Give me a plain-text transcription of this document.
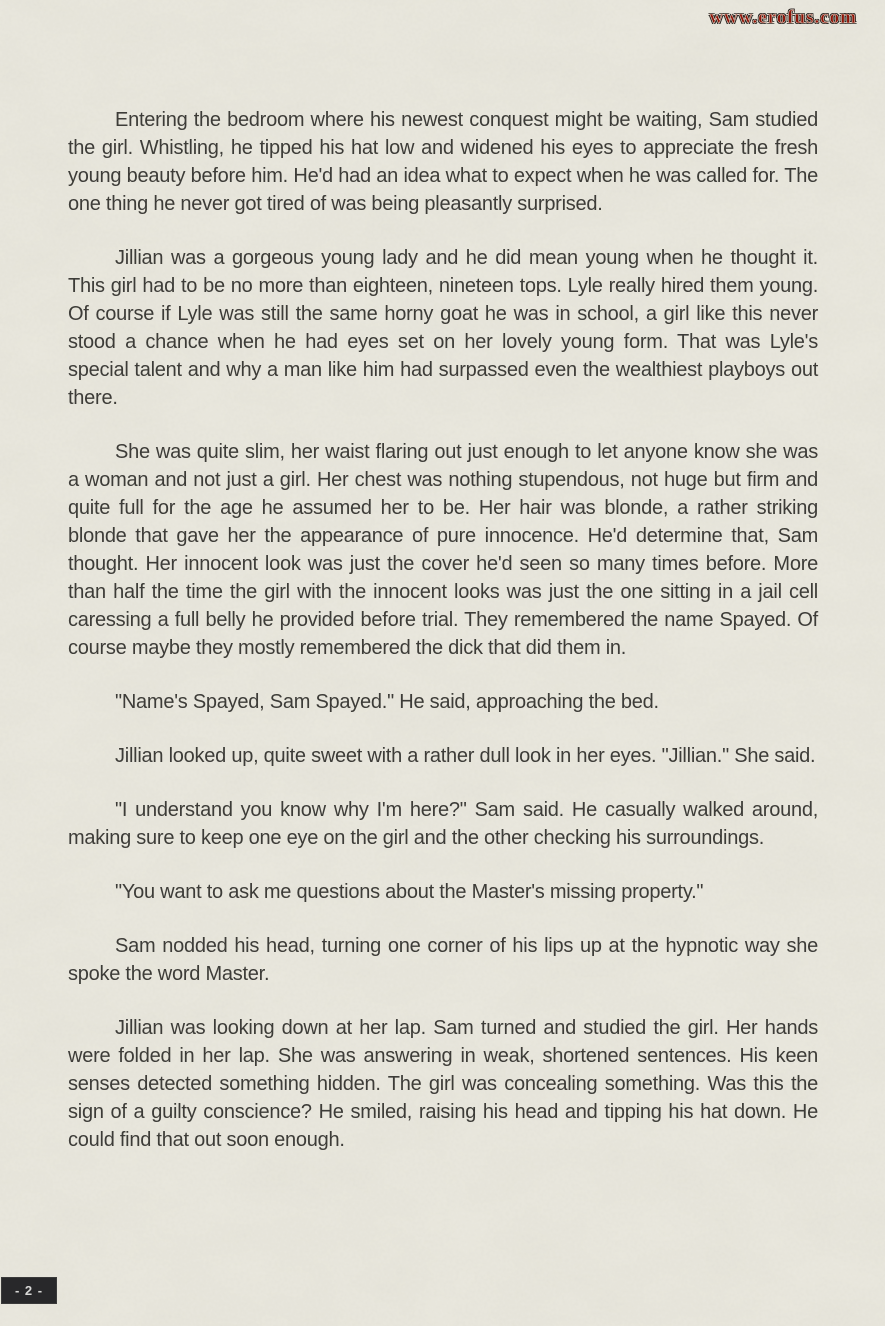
www.erofus.com

Entering the bedroom where his newest conquest might be waiting, Sam studied the girl. Whistling, he tipped his hat low and widened his eyes to appreciate the fresh young beauty before him. He'd had an idea what to expect when he was called for. The one thing he never got tired of was being pleasantly surprised.

Jillian was a gorgeous young lady and he did mean young when he thought it. This girl had to be no more than eighteen, nineteen tops. Lyle really hired them young. Of course if Lyle was still the same horny goat he was in school, a girl like this never stood a chance when he had eyes set on her lovely young form. That was Lyle's special talent and why a man like him had surpassed even the wealthiest playboys out there.

She was quite slim, her waist flaring out just enough to let anyone know she was a woman and not just a girl. Her chest was nothing stupendous, not huge but firm and quite full for the age he assumed her to be. Her hair was blonde, a rather striking blonde that gave her the appearance of pure innocence. He'd determine that, Sam thought. Her innocent look was just the cover he'd seen so many times before. More than half the time the girl with the innocent looks was just the one sitting in a jail cell caressing a full belly he provided before trial. They remembered the name Spayed. Of course maybe they mostly remembered the dick that did them in.

"Name's Spayed, Sam Spayed." He said, approaching the bed.

Jillian looked up, quite sweet with a rather dull look in her eyes. "Jillian." She said.

"I understand you know why I'm here?" Sam said. He casually walked around, making sure to keep one eye on the girl and the other checking his surroundings.

"You want to ask me questions about the Master's missing property."

Sam nodded his head, turning one corner of his lips up at the hypnotic way she spoke the word Master.

Jillian was looking down at her lap. Sam turned and studied the girl. Her hands were folded in her lap. She was answering in weak, shortened sentences. His keen senses detected something hidden. The girl was concealing something. Was this the sign of a guilty conscience? He smiled, raising his head and tipping his hat down. He could find that out soon enough.

- 2 -
